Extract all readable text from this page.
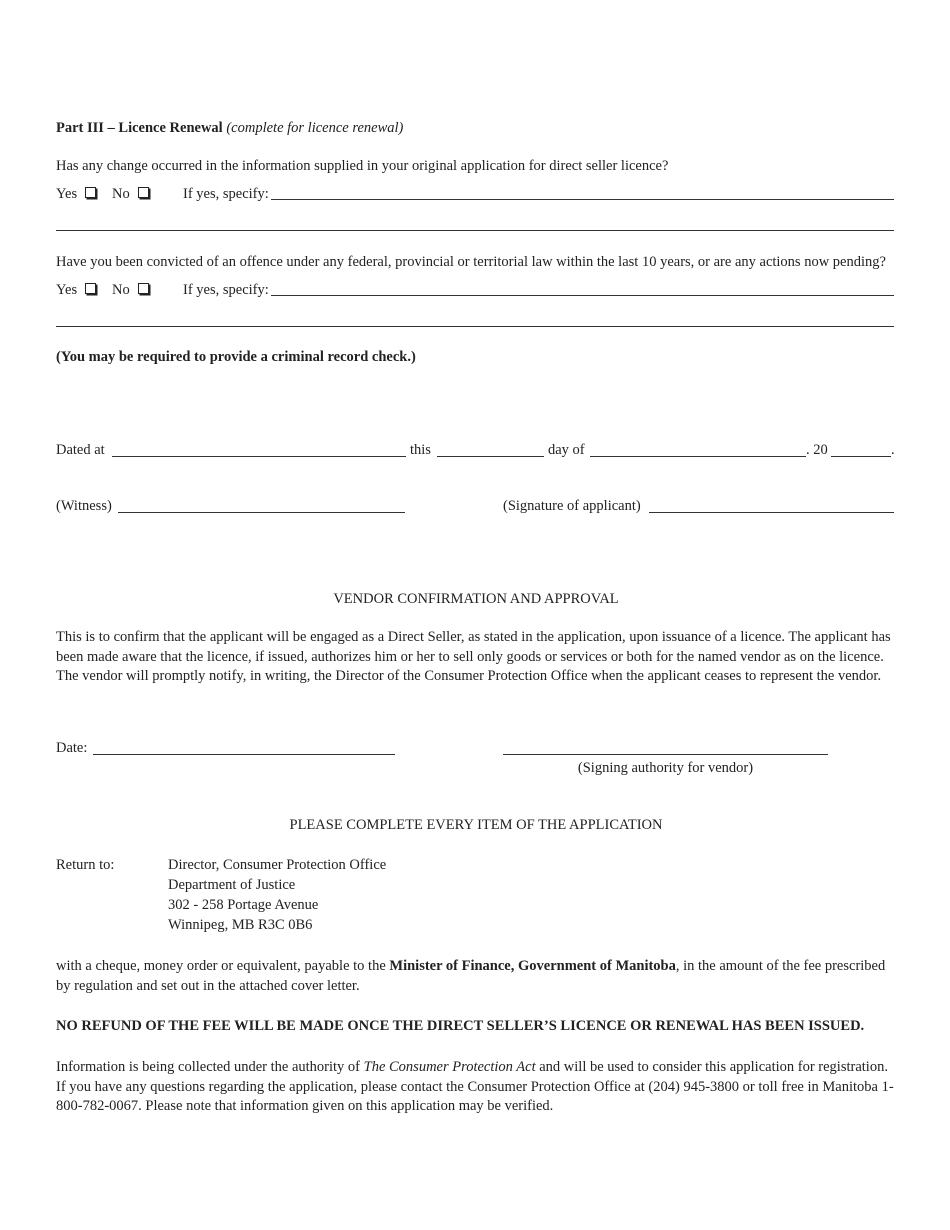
Part III – Licence Renewal (complete for licence renewal)
Has any change occurred in the information supplied in your original application for direct seller licence?
Yes	No	If yes, specify:
Have you been convicted of an offence under any federal, provincial or territorial law within the last 10 years, or are any actions now pending?
Yes	No	If yes, specify:
(You may be required to provide a criminal record check.)
Dated at	this	day of	. 20	.
(Witness)	(Signature of applicant)
VENDOR CONFIRMATION AND APPROVAL
This is to confirm that the applicant will be engaged as a Direct Seller, as stated in the application, upon issuance of a licence. The applicant has been made aware that the licence, if issued, authorizes him or her to sell only goods or services or both for the named vendor as on the licence. The vendor will promptly notify, in writing, the Director of the Consumer Protection Office when the applicant ceases to represent the vendor.
Date:
(Signing authority for vendor)
PLEASE COMPLETE EVERY ITEM OF THE APPLICATION
Return to:	Director, Consumer Protection Office
Department of Justice
302 - 258 Portage Avenue
Winnipeg, MB R3C 0B6
with a cheque, money order or equivalent, payable to the Minister of Finance, Government of Manitoba, in the amount of the fee prescribed by regulation and set out in the attached cover letter.
NO REFUND OF THE FEE WILL BE MADE ONCE THE DIRECT SELLER’S LICENCE OR RENEWAL HAS BEEN ISSUED.
Information is being collected under the authority of The Consumer Protection Act and will be used to consider this application for registration. If you have any questions regarding the application, please contact the Consumer Protection Office at (204) 945-3800 or toll free in Manitoba 1-800-782-0067. Please note that information given on this application may be verified.
